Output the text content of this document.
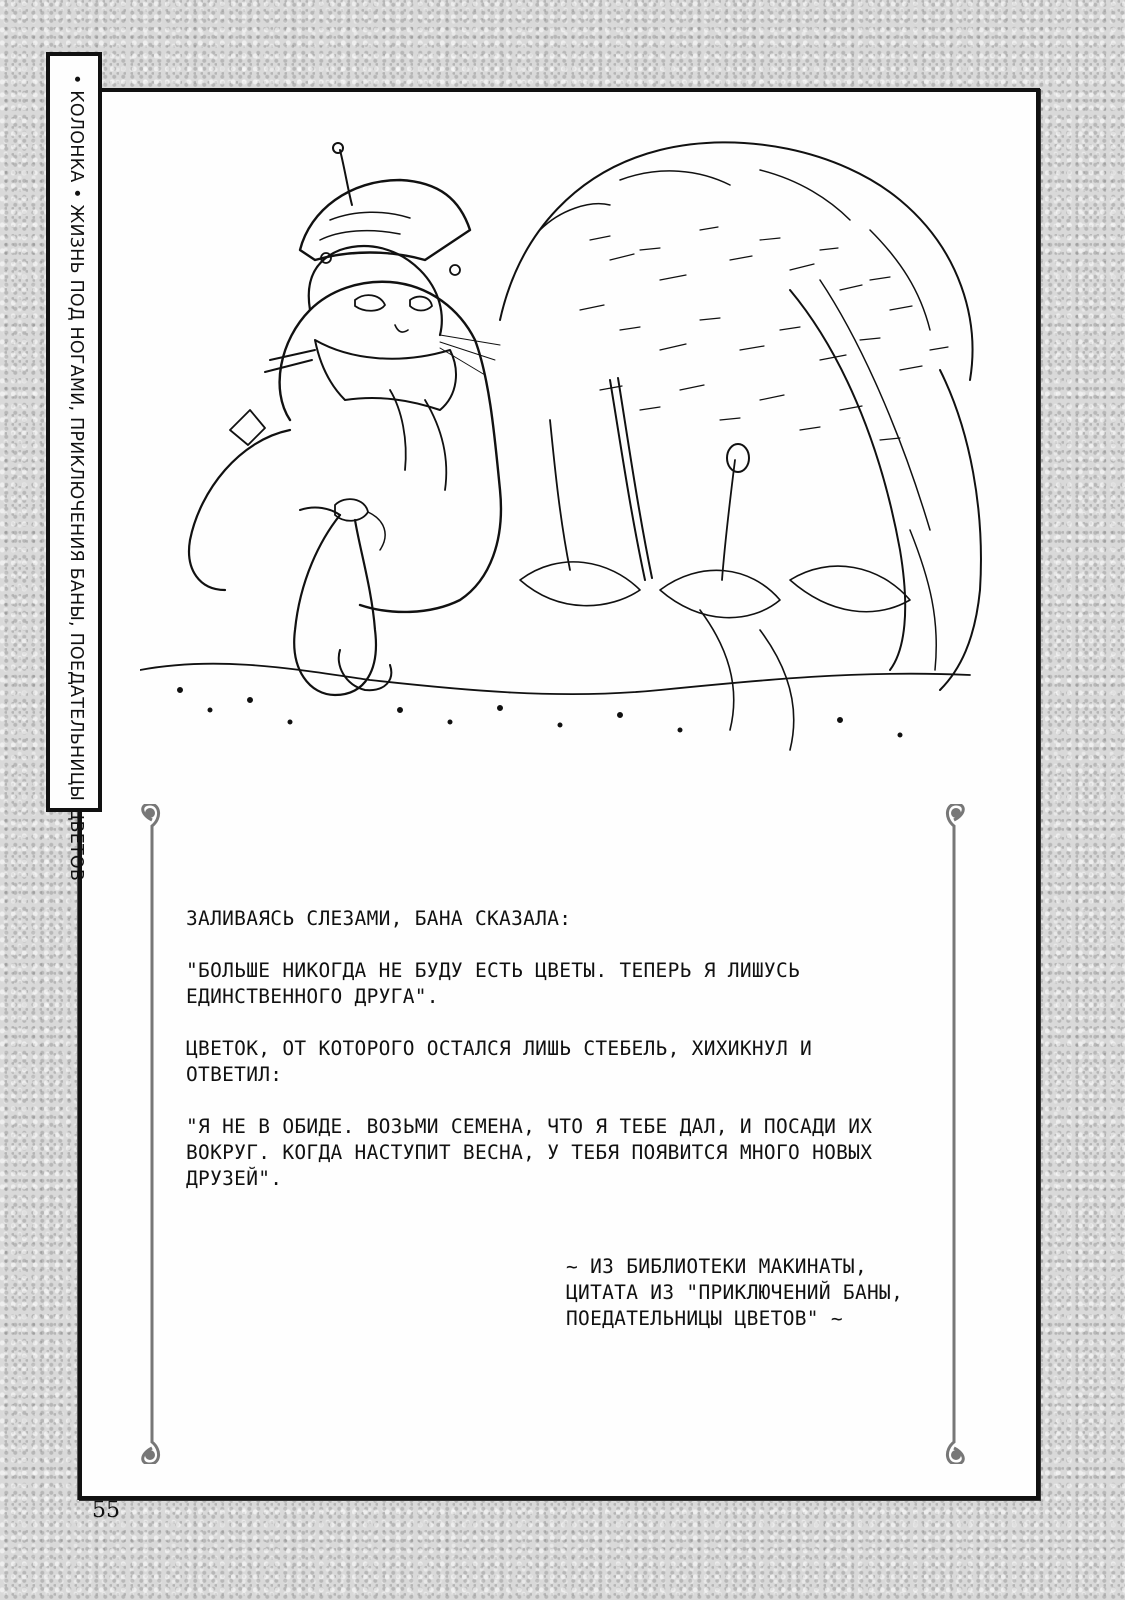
• КОЛОНКА • ЖИЗНЬ ПОД НОГАМИ, ПРИКЛЮЧЕНИЯ БАНЫ, ПОЕДАТЕЛЬНИЦЫ ЦВЕТОВ

ЗАЛИВАЯСЬ СЛЕЗАМИ, БАНА СКАЗАЛА:

"БОЛЬШЕ НИКОГДА НЕ БУДУ ЕСТЬ ЦВЕТЫ. ТЕПЕРЬ Я ЛИШУСЬ ЕДИНСТВЕННОГО ДРУГА".

ЦВЕТОК, ОТ КОТОРОГО ОСТАЛСЯ ЛИШЬ СТЕБЕЛЬ, ХИХИКНУЛ И ОТВЕТИЛ:

"Я НЕ В ОБИДЕ. ВОЗЬМИ СЕМЕНА, ЧТО Я ТЕБЕ ДАЛ, И ПОСАДИ ИХ ВОКРУГ. КОГДА НАСТУПИТ ВЕСНА, У ТЕБЯ ПОЯВИТСЯ МНОГО НОВЫХ ДРУЗЕЙ".

~ ИЗ БИБЛИОТЕКИ МАКИНАТЫ, ЦИТАТА ИЗ "ПРИКЛЮЧЕНИЙ БАНЫ, ПОЕДАТЕЛЬНИЦЫ ЦВЕТОВ" ~
55
